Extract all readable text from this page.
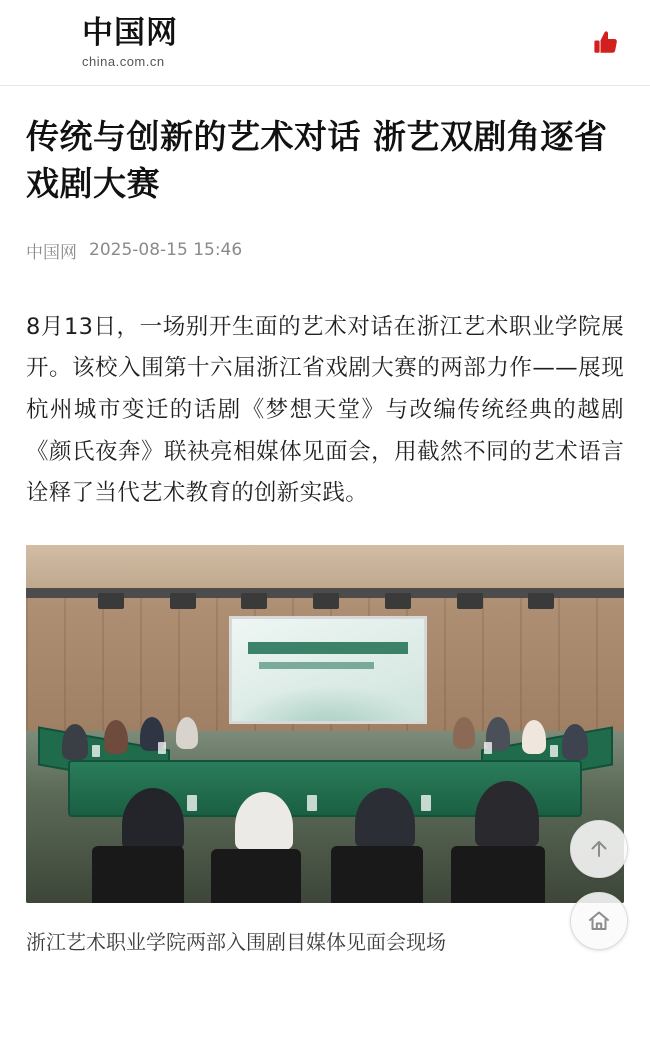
中国网
china.com.cn
传统与创新的艺术对话 浙艺双剧角逐省戏剧大赛
中国网 2025-08-15 15:46

8月13日，一场别开生面的艺术对话在浙江艺术职业学院展开。该校入围第十六届浙江省戏剧大赛的两部力作——展现杭州城市变迁的话剧《梦想天堂》与改编传统经典的越剧《颜氏夜奔》联袂亮相媒体见面会，用截然不同的艺术语言诠释了当代艺术教育的创新实践。

浙江艺术职业学院两部入围剧目媒体见面会现场
